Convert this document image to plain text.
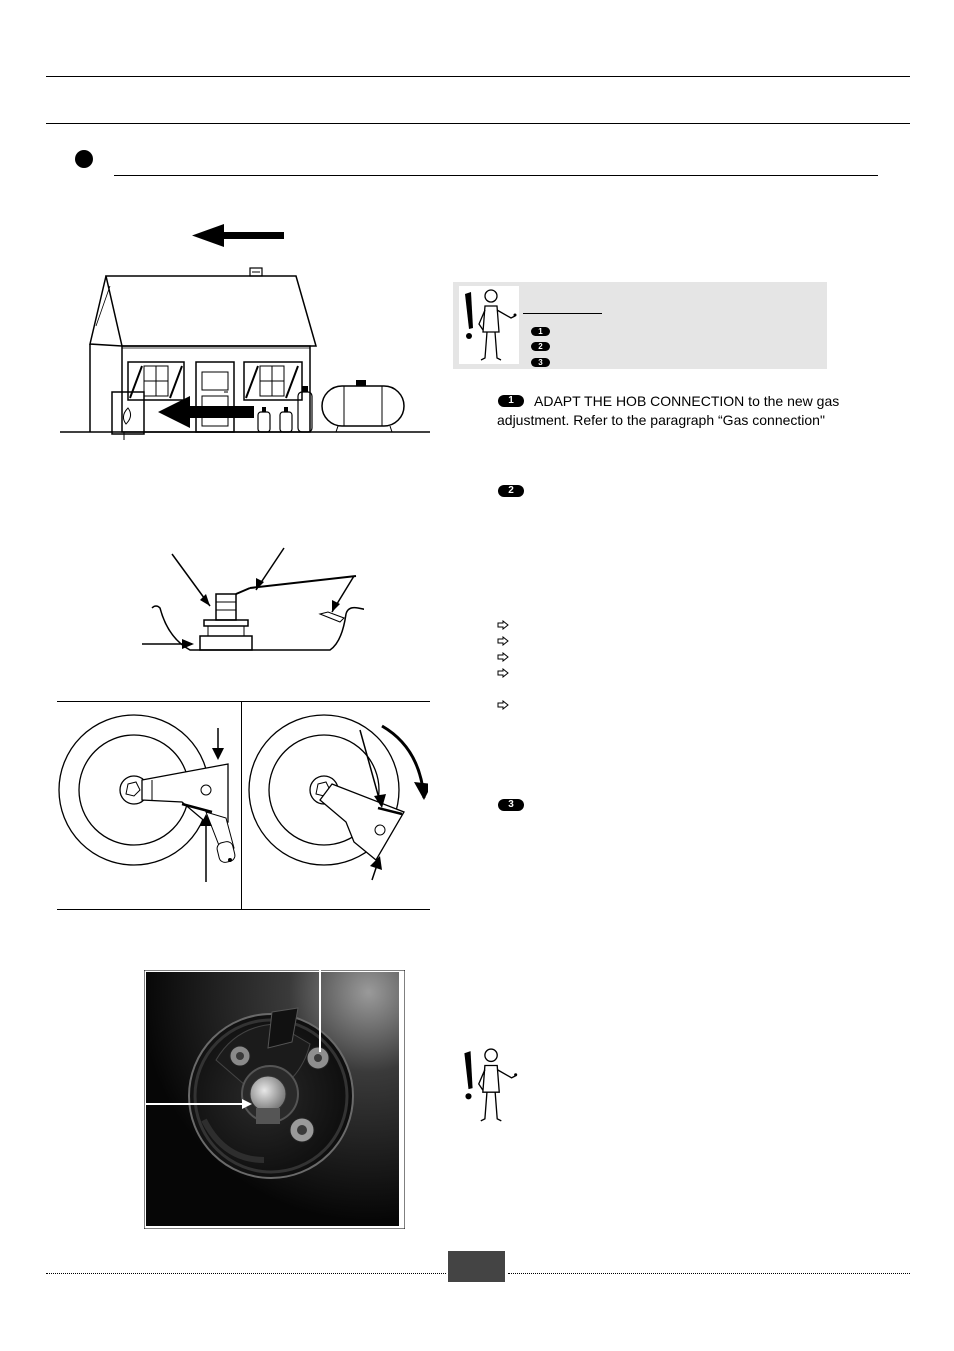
1
2
3
1	ADAPT THE HOB CONNECTION to the new gas adjustment. Refer to the paragraph “Gas connection"
2
3
